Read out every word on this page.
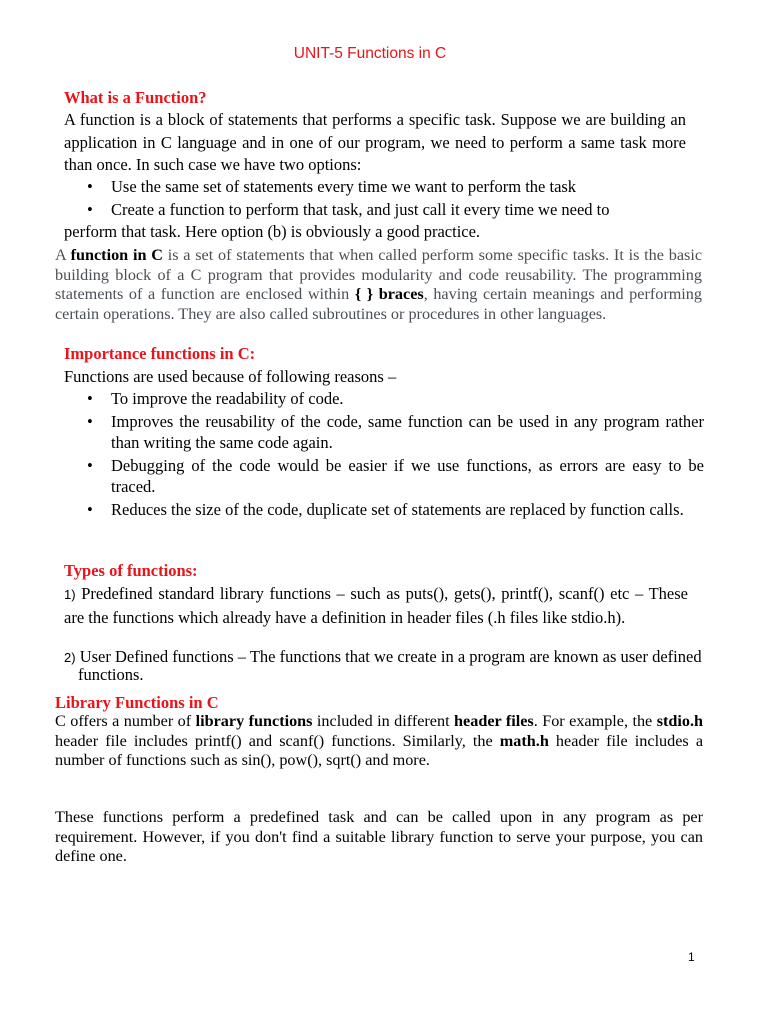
UNIT-5 Functions in C
What is a Function?
A function is a block of statements that performs a specific task. Suppose we are building an application in C language and in one of our program, we need to perform a same task more than once. In such case we have two options:
• Use the same set of statements every time we want to perform the task
• Create a function to perform that task, and just call it every time we need to
perform that task. Here option (b) is obviously a good practice.
A function in C is a set of statements that when called perform some specific tasks. It is the basic building block of a C program that provides modularity and code reusability. The programming statements of a function are enclosed within { } braces, having certain meanings and performing certain operations. They are also called subroutines or procedures in other languages.
Importance functions in C:
Functions are used because of following reasons –
• To improve the readability of code.
• Improves the reusability of the code, same function can be used in any program rather than writing the same code again.
• Debugging of the code would be easier if we use functions, as errors are easy to be traced.
• Reduces the size of the code, duplicate set of statements are replaced by function calls.
Types of functions:
1) Predefined standard library functions – such as puts(), gets(), printf(), scanf() etc – These are the functions which already have a definition in header files (.h files like stdio.h).
2) User Defined functions – The functions that we create in a program are known as user defined functions.
Library Functions in C
C offers a number of library functions included in different header files. For example, the stdio.h header file includes printf() and scanf() functions. Similarly, the math.h header file includes a number of functions such as sin(), pow(), sqrt() and more.
These functions perform a predefined task and can be called upon in any program as per requirement. However, if you don't find a suitable library function to serve your purpose, you can define one.
1
